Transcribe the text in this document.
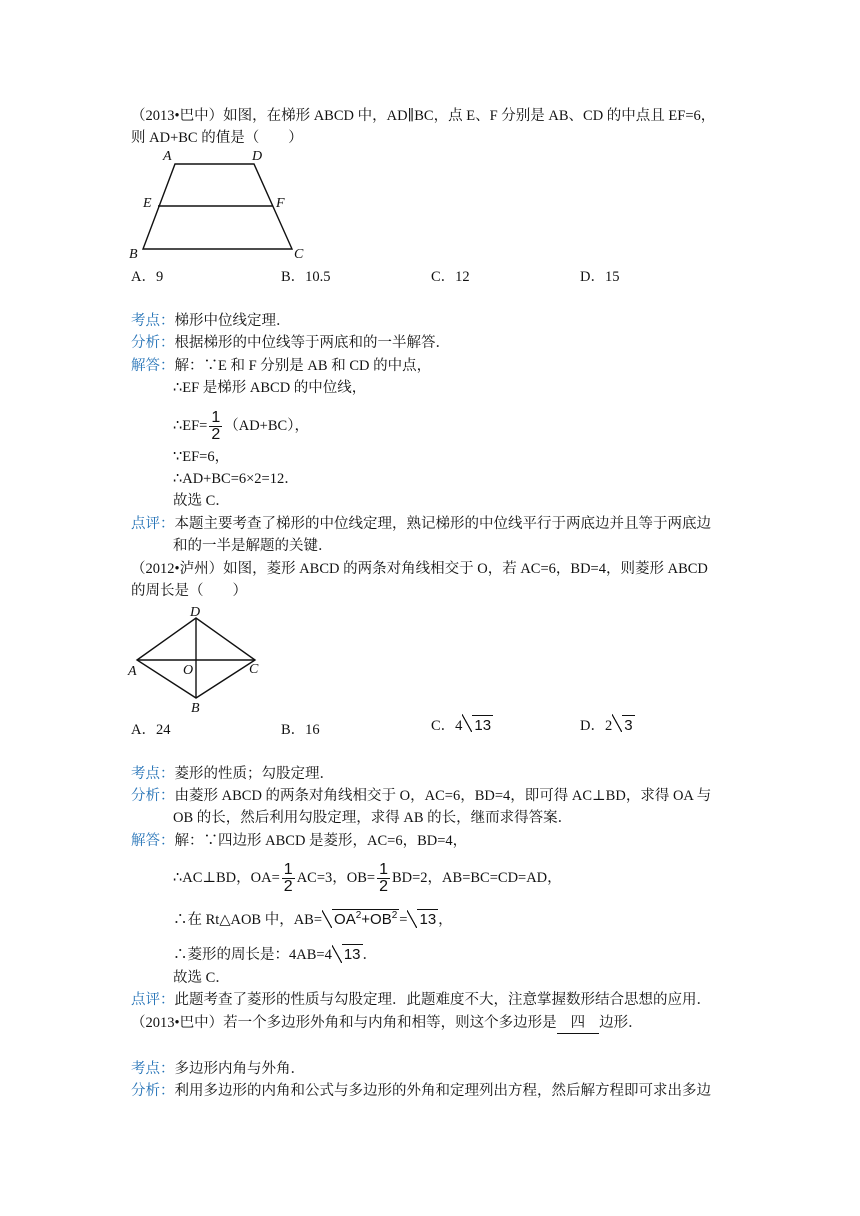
（2013•巴中）如图，在梯形 ABCD 中，AD∥BC，点 E、F 分别是 AB、CD 的中点且 EF=6，
则 AD+BC 的值是（　　）
A	D
E	F
B	C
A．9	B．10.5	C．12	D．15
考点：梯形中位线定理．
分析：根据梯形的中位线等于两底和的一半解答．
解答：解：∵E 和 F 分别是 AB 和 CD 的中点，
∴EF 是梯形 ABCD 的中位线，
∴EF= $\frac{1}{2} (AD+BC)$，
∵EF=6，
∴AD+BC=6×2=12．
故选 C．
点评：本题主要考查了梯形的中位线定理，熟记梯形的中位线平行于两底边并且等于两底边
和的一半是解题的关键．
（2012•泸州）如图，菱形 ABCD 的两条对角线相交于 O，若 AC=6，BD=4，则菱形 ABCD
的周长是（　　）
D
A	O	C
B
A．24	B．16	C．4 13	D．2 3
考点：菱形的性质；勾股定理．
分析：由菱形 ABCD 的两条对角线相交于 O，AC=6，BD=4，即可得 AC⊥BD，求得 OA 与
OB 的长，然后利用勾股定理，求得 AB 的长，继而求得答案．
解答：解：∵四边形 ABCD 是菱形，AC=6，BD=4，
∴AC⊥BD，$OA= \frac{1}{2} AC=3$，$OB= \frac{1}{2} BD=2$，AB=BC=CD=AD，
∴在 Rt△AOB 中，$AB= OA^2+OB^2 = 13$ ，
∴菱形的周长是：4AB=4 13 ．
故选 C．
点评：此题考查了菱形的性质与勾股定理．此题难度不大，注意掌握数形结合思想的应用．
（2013•巴中）若一个多边形外角和与内角和相等，则这个多边形是 四 边形．
考点：多边形内角与外角．
分析：利用多边形的内角和公式与多边形的外角和定理列出方程，然后解方程即可求出多边
